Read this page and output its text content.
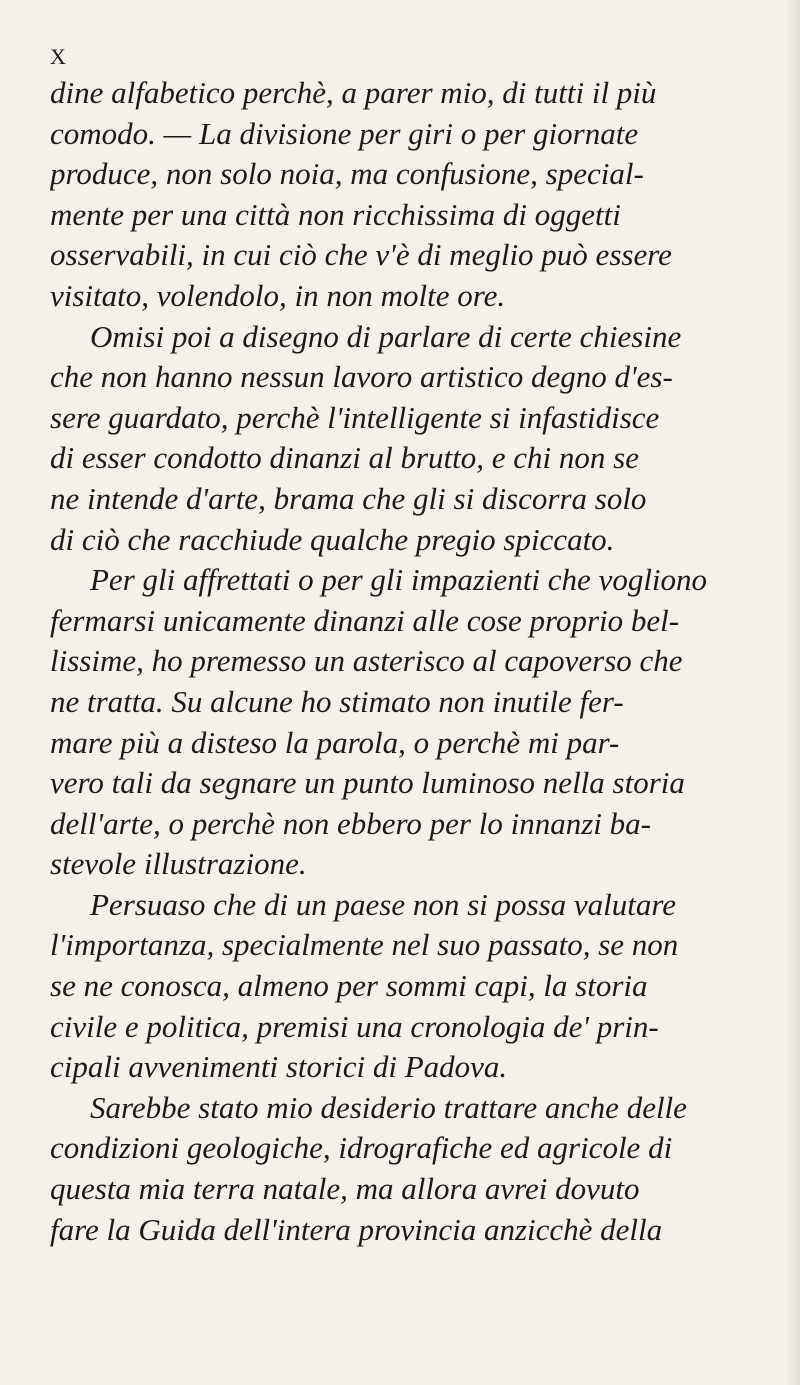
X
dine alfabetico perchè, a parer mio, di tutti il più
comodo. — La divisione per giri o per giornate
produce, non solo noia, ma confusione, special-
mente per una città non ricchissima di oggetti
osservabili, in cui ciò che v'è di meglio può essere
visitato, volendolo, in non molte ore.
Omisi poi a disegno di parlare di certe chiesine
che non hanno nessun lavoro artistico degno d'es-
sere guardato, perchè l'intelligente si infastidisce
di esser condotto dinanzi al brutto, e chi non se
ne intende d'arte, brama che gli si discorra solo
di ciò che racchiude qualche pregio spiccato.
Per gli affrettati o per gli impazienti che vogliono
fermarsi unicamente dinanzi alle cose proprio bel-
lissime, ho premesso un asterisco al capoverso che
ne tratta. Su alcune ho stimato non inutile fer-
mare più a disteso la parola, o perchè mi par-
vero tali da segnare un punto luminoso nella storia
dell'arte, o perchè non ebbero per lo innanzi ba-
stevole illustrazione.
Persuaso che di un paese non si possa valutare
l'importanza, specialmente nel suo passato, se non
se ne conosca, almeno per sommi capi, la storia
civile e politica, premisi una cronologia de' prin-
cipali avvenimenti storici di Padova.
Sarebbe stato mio desiderio trattare anche delle
condizioni geologiche, idrografiche ed agricole di
questa mia terra natale, ma allora avrei dovuto
fare la Guida dell'intera provincia anzicchè della
